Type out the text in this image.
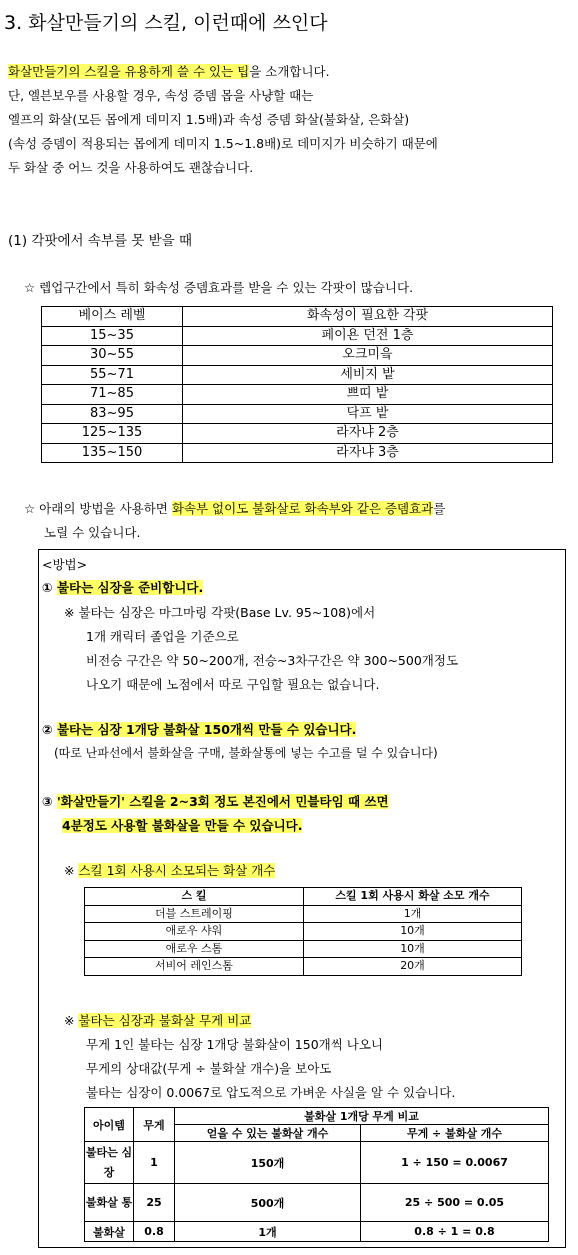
3. 화살만들기의 스킬, 이런때에 쓰인다
화살만들기의 스킬을 유용하게 쓸 수 있는 팁을 소개합니다.
단, 엘븐보우를 사용할 경우, 속성 증뎀 몹을 사냥할 때는
엘프의 화살(모든 몹에게 데미지 1.5배)과 속성 증뎀 화살(불화살, 은화살)
(속성 증뎀이 적용되는 몹에게 데미지 1.5~1.8배)로 데미지가 비슷하기 때문에
두 화살 중 어느 것을 사용하여도 괜찮습니다.
(1) 각팟에서 속부를 못 받을 때
☆ 렙업구간에서 특히 화속성 증뎀효과를 받을 수 있는 각팟이 많습니다.
베이스 레벨	화속성이 필요한 각팟
15~35	페이욘 던전 1층
30~55	오크미읔
55~71	세비지 밭
71~85	쁘띠 밭
83~95	닥프 밭
125~135	라자냐 2층
135~150	라자냐 3층
☆ 아래의 방법을 사용하면 화속부 없이도 불화살로 화속부와 같은 증뎀효과를
노릴 수 있습니다.
<방법>
① 불타는 심장을 준비합니다.
※ 불타는 심장은 마그마링 각팟(Base Lv. 95~108)에서
1개 캐릭터 졸업을 기준으로
비전승 구간은 약 50~200개, 전승~3차구간은 약 300~500개정도
나오기 때문에 노점에서 따로 구입할 필요는 없습니다.
② 불타는 심장 1개당 불화살 150개씩 만들 수 있습니다.
(따로 난파선에서 불화살을 구매, 불화살통에 넣는 수고를 덜 수 있습니다)
③ '화살만들기' 스킬을 2~3회 정도 본진에서 민블타임 때 쓰면
4분정도 사용할 불화살을 만들 수 있습니다.
※ 스킬 1회 사용시 소모되는 화살 개수
스 킬	스킬 1회 사용시 화살 소모 개수
더블 스트레이핑	1개
애로우 샤워	10개
애로우 스톰	10개
서비어 레인스톰	20개
※ 불타는 심장과 불화살 무게 비교
무게 1인 불타는 심장 1개당 불화살이 150개씩 나오니
무게의 상대값(무게 ÷ 불화살 개수)을 보아도
불타는 심장이 0.0067로 압도적으로 가벼운 사실을 알 수 있습니다.
아이템	무게	불화살 1개당 무게 비교	
		얻을 수 있는 불화살 개수	무게 ÷ 불화살 개수
불타는 심장	1	150개	1 ÷ 150 = 0.0067
불화살 통	25	500개	25 ÷ 500 = 0.05
불화살	0.8	1개	0.8 ÷ 1 = 0.8
